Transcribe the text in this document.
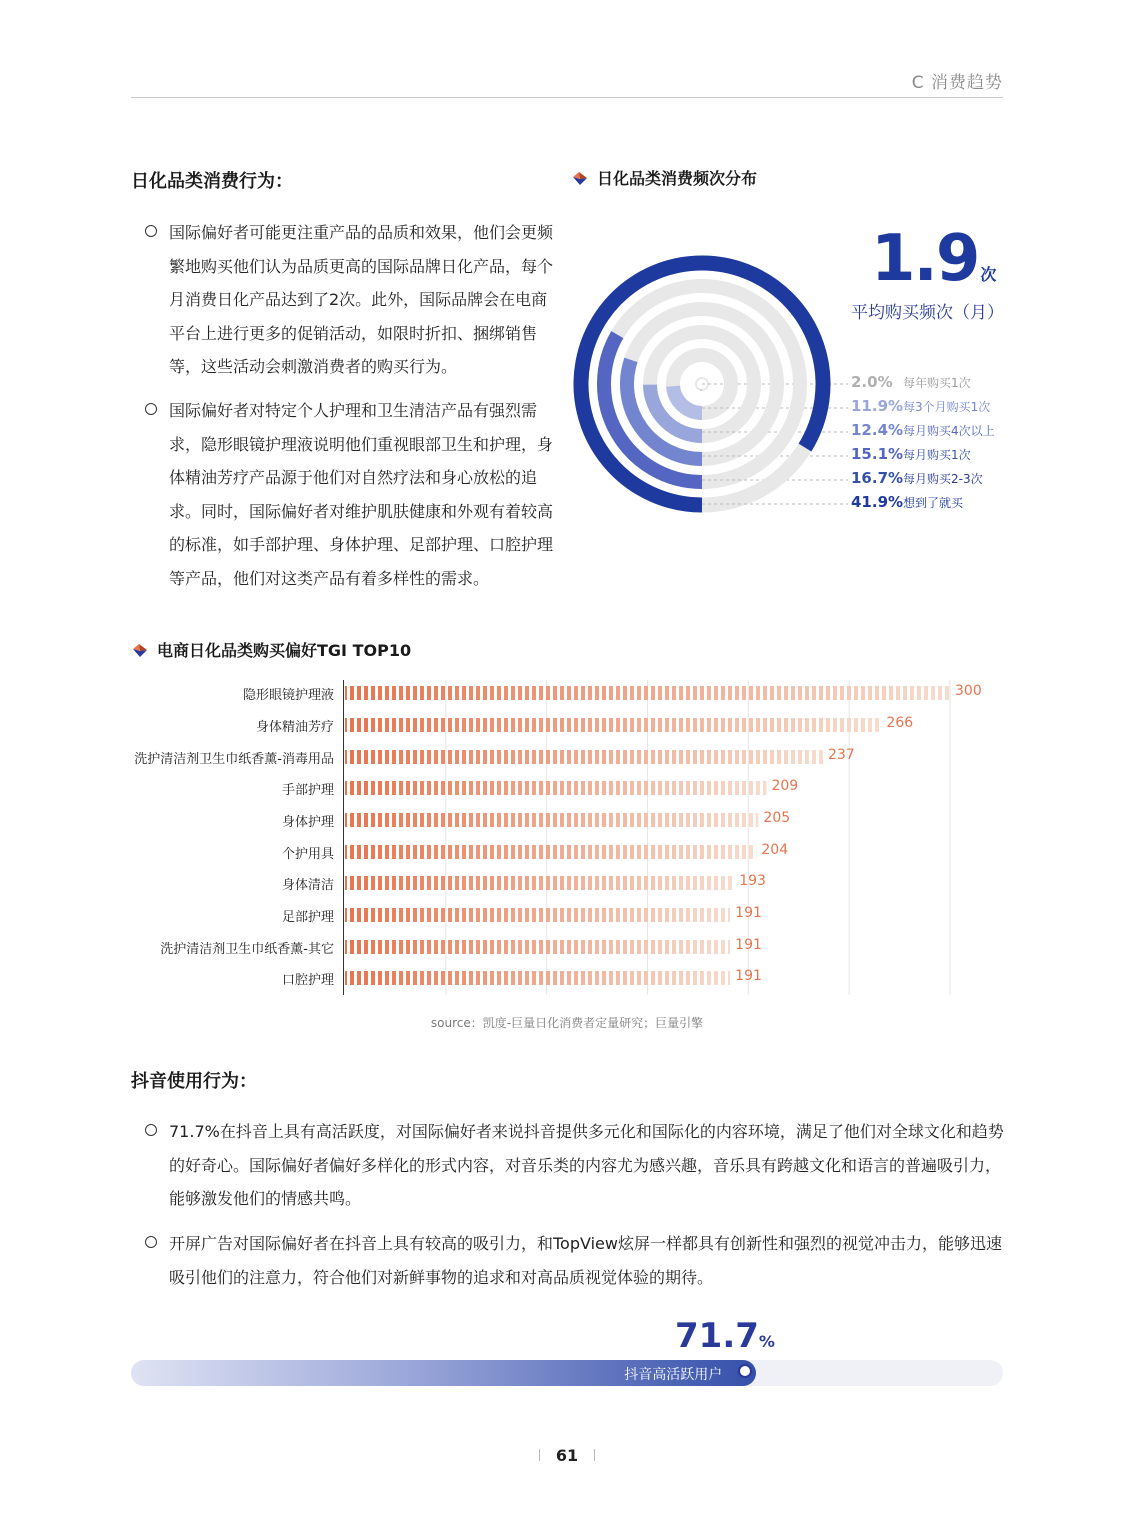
C 消费趋势
日化品类消费行为：
国际偏好者可能更注重产品的品质和效果，他们会更频繁地购买他们认为品质更高的国际品牌日化产品，每个月消费日化产品达到了2次。此外，国际品牌会在电商平台上进行更多的促销活动，如限时折扣、捆绑销售等，这些活动会刺激消费者的购买行为。
国际偏好者对特定个人护理和卫生清洁产品有强烈需求，隐形眼镜护理液说明他们重视眼部卫生和护理，身体精油芳疗产品源于他们对自然疗法和身心放松的追求。同时，国际偏好者对维护肌肤健康和外观有着较高的标准，如手部护理、身体护理、足部护理、口腔护理等产品，他们对这类产品有着多样性的需求。
日化品类消费频次分布
1.9 次
平均购买频次（月）
2.0% 每年购买1次
11.9% 每3个月购买1次
12.4% 每月购买4次以上
15.1% 每月购买1次
16.7% 每月购买2-3次
41.9% 想到了就买
电商日化品类购买偏好TGI TOP10
隐形眼镜护理液	300
身体精油芳疗	266
洗护清洁剂卫生巾纸香薰-消毒用品	237
手部护理	209
身体护理	205
个护用具	204
身体清洁	193
足部护理	191
洗护清洁剂卫生巾纸香薰-其它	191
口腔护理	191
source：凯度-巨量日化消费者定量研究；巨量引擎
抖音使用行为：
71.7%在抖音上具有高活跃度，对国际偏好者来说抖音提供多元化和国际化的内容环境，满足了他们对全球文化和趋势的好奇心。国际偏好者偏好多样化的形式内容，对音乐类的内容尤为感兴趣，音乐具有跨越文化和语言的普遍吸引力，能够激发他们的情感共鸣。
开屏广告对国际偏好者在抖音上具有较高的吸引力，和TopView炫屏一样都具有创新性和强烈的视觉冲击力，能够迅速吸引他们的注意力，符合他们对新鲜事物的追求和对高品质视觉体验的期待。
71.7%
抖音高活跃用户
61
